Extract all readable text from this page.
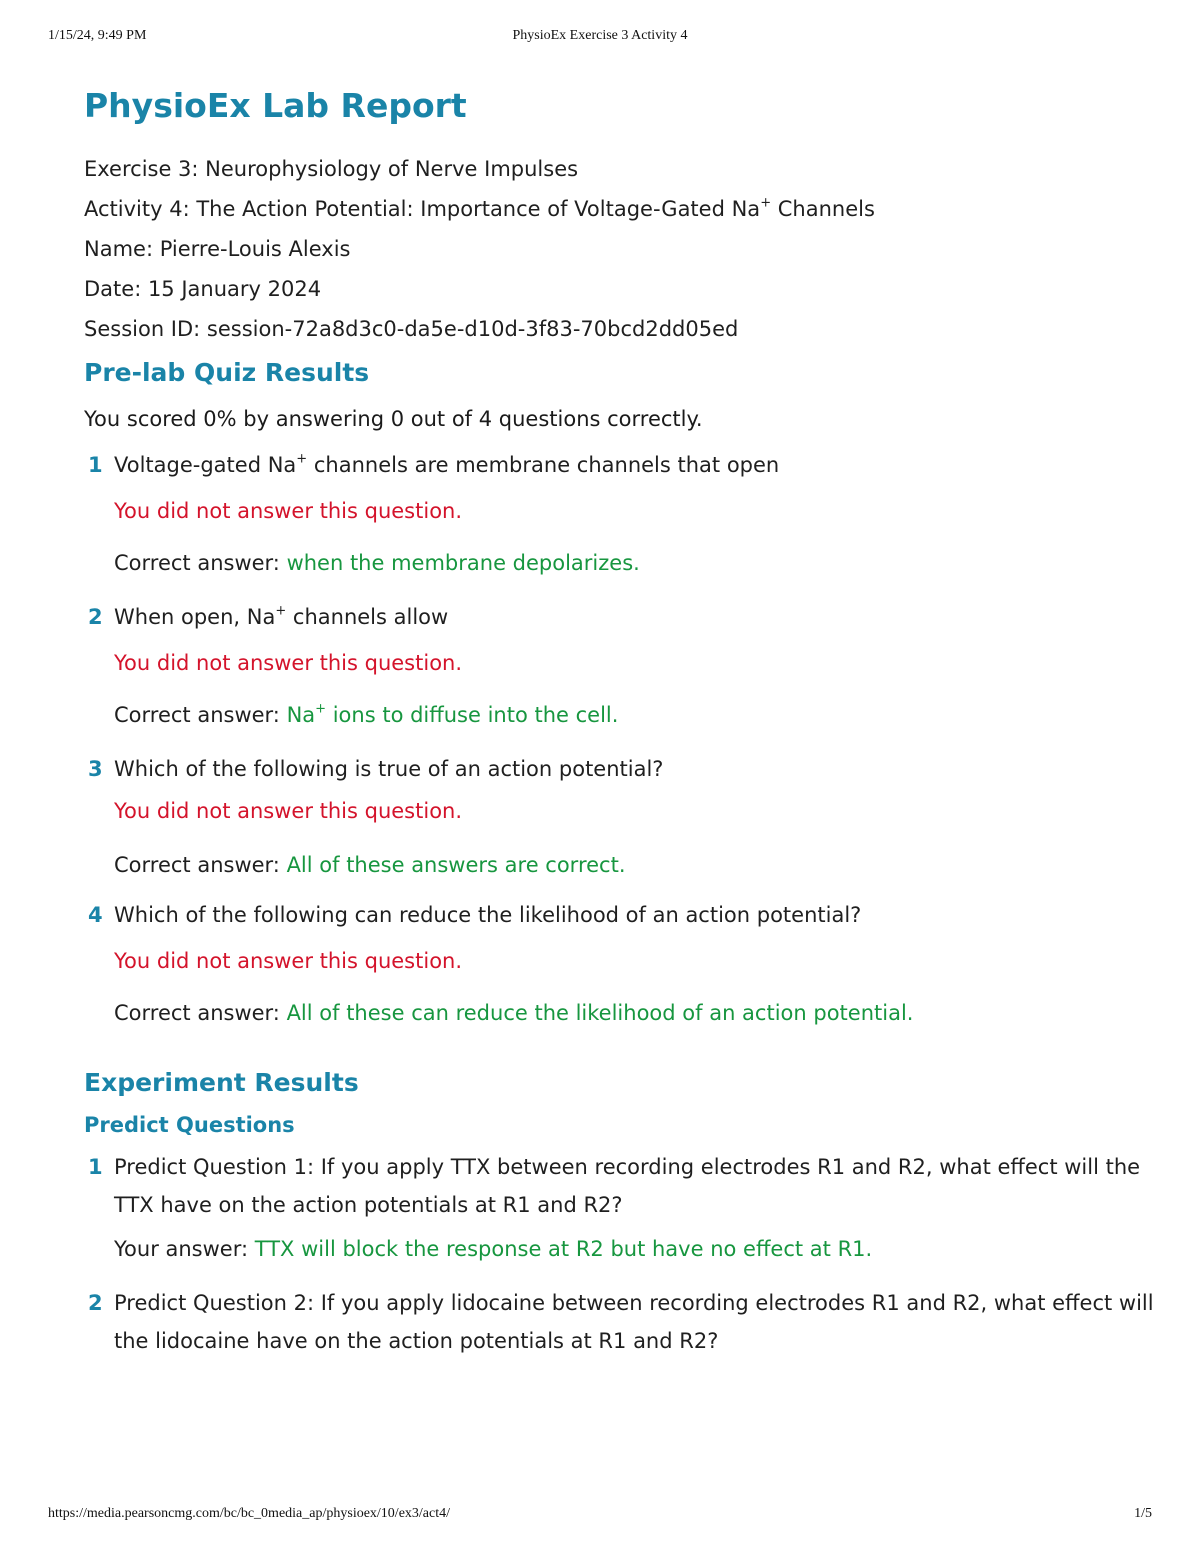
1/15/24, 9:49 PM	PhysioEx Exercise 3 Activity 4
PhysioEx Lab Report
Exercise 3: Neurophysiology of Nerve Impulses
Activity 4: The Action Potential: Importance of Voltage-Gated Na+ Channels
Name: Pierre-Louis Alexis
Date: 15 January 2024
Session ID: session-72a8d3c0-da5e-d10d-3f83-70bcd2dd05ed
Pre-lab Quiz Results
You scored 0% by answering 0 out of 4 questions correctly.
1 Voltage-gated Na+ channels are membrane channels that open
You did not answer this question.
Correct answer: when the membrane depolarizes.
2 When open, Na+ channels allow
You did not answer this question.
Correct answer: Na+ ions to diffuse into the cell.
3 Which of the following is true of an action potential?
You did not answer this question.
Correct answer: All of these answers are correct.
4 Which of the following can reduce the likelihood of an action potential?
You did not answer this question.
Correct answer: All of these can reduce the likelihood of an action potential.
Experiment Results
Predict Questions
1 Predict Question 1: If you apply TTX between recording electrodes R1 and R2, what effect will the TTX have on the action potentials at R1 and R2?
Your answer: TTX will block the response at R2 but have no effect at R1.
2 Predict Question 2: If you apply lidocaine between recording electrodes R1 and R2, what effect will the lidocaine have on the action potentials at R1 and R2?
https://media.pearsoncmg.com/bc/bc_0media_ap/physioex/10/ex3/act4/	1/5
